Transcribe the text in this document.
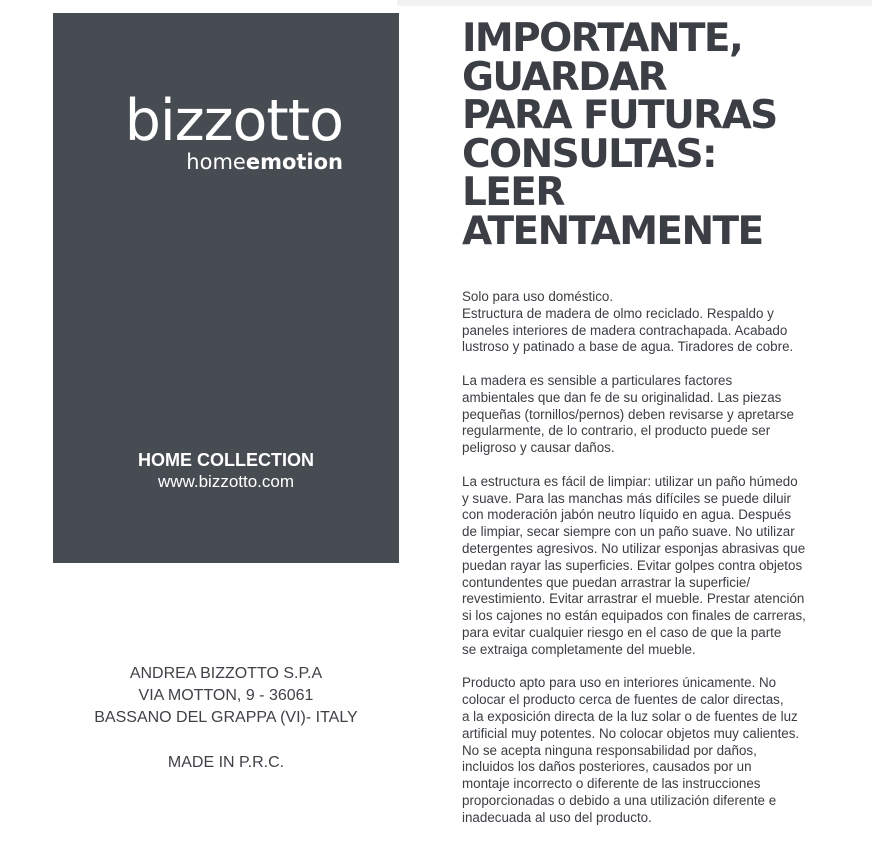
bizzotto
homeemotion
HOME COLLECTION
www.bizzotto.com
ANDREA BIZZOTTO S.P.A
VIA MOTTON, 9 - 36061
BASSANO DEL GRAPPA (VI)- ITALY
MADE IN P.R.C.
IMPORTANTE,
GUARDAR
PARA FUTURAS
CONSULTAS:
LEER
ATENTAMENTE

Solo para uso doméstico.
Estructura de madera de olmo reciclado. Respaldo y
paneles interiores de madera contrachapada. Acabado
lustroso y patinado a base de agua. Tiradores de cobre.

La madera es sensible a particulares factores
ambientales que dan fe de su originalidad. Las piezas
pequeñas (tornillos/pernos) deben revisarse y apretarse
regularmente, de lo contrario, el producto puede ser
peligroso y causar daños.

La estructura es fácil de limpiar: utilizar un paño húmedo
y suave. Para las manchas más difíciles se puede diluir
con moderación jabón neutro líquido en agua. Después
de limpiar, secar siempre con un paño suave. No utilizar
detergentes agresivos. No utilizar esponjas abrasivas que
puedan rayar las superficies. Evitar golpes contra objetos
contundentes que puedan arrastrar la superficie/
revestimiento. Evitar arrastrar el mueble. Prestar atención
si los cajones no están equipados con finales de carreras,
para evitar cualquier riesgo en el caso de que la parte
se extraiga completamente del mueble.

Producto apto para uso en interiores únicamente. No
colocar el producto cerca de fuentes de calor directas,
a la exposición directa de la luz solar o de fuentes de luz
artificial muy potentes. No colocar objetos muy calientes.
No se acepta ninguna responsabilidad por daños,
incluidos los daños posteriores, causados por un
montaje incorrecto o diferente de las instrucciones
proporcionadas o debido a una utilización diferente e
inadecuada al uso del producto.
